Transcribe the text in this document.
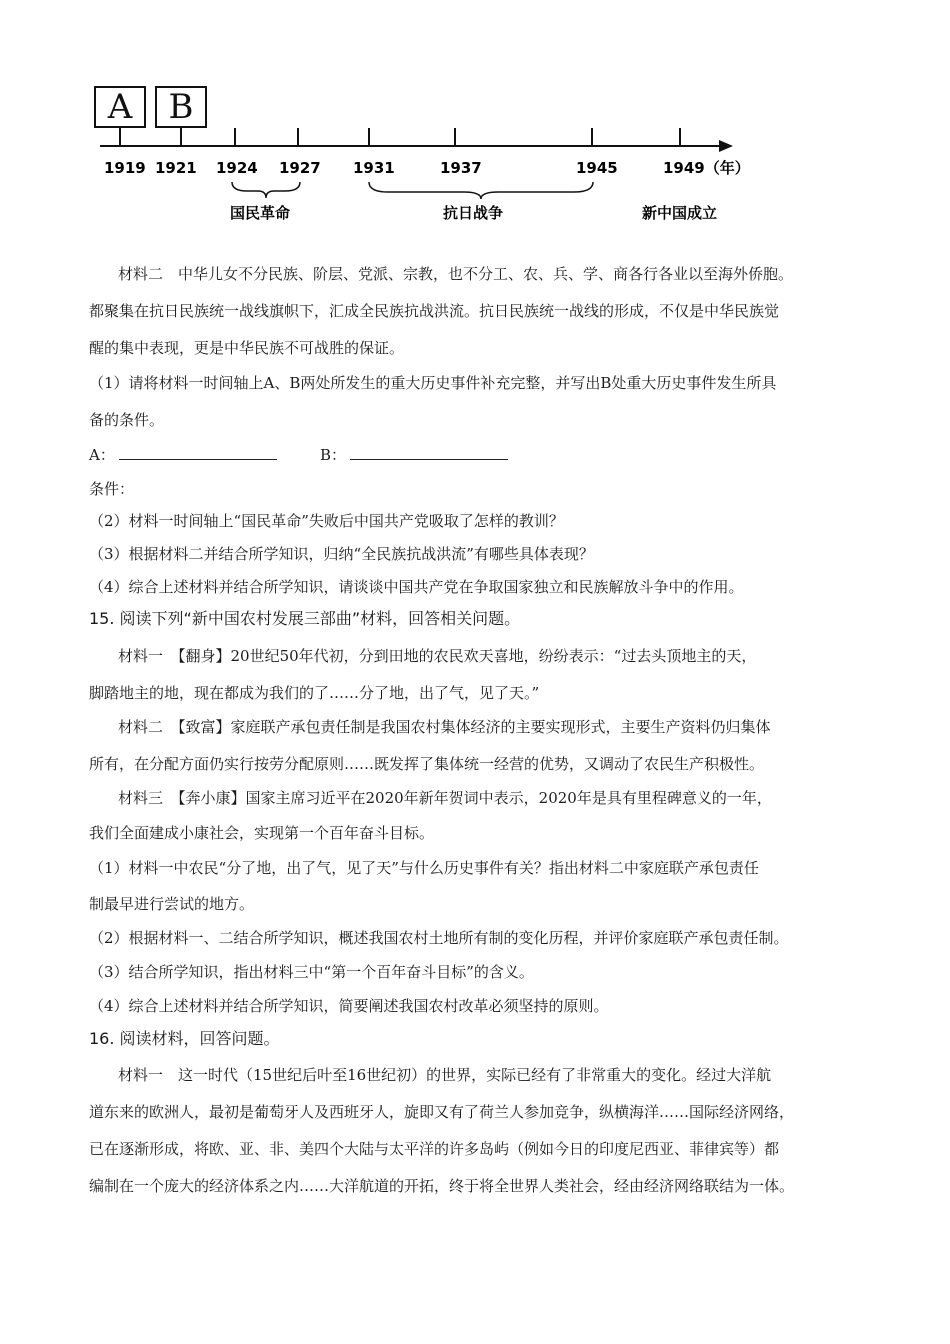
A	B
1919 1921 1924 1927 1931	1937	1945	1949（年）
国民革命	抗日战争	新中国成立
材料二　中华儿女不分民族、阶层、党派、宗教，也不分工、农、兵、学、商各行各业以至海外侨胞。
都聚集在抗日民族统一战线旗帜下，汇成全民族抗战洪流。抗日民族统一战线的形成，不仅是中华民族觉
醒的集中表现，更是中华民族不可战胜的保证。
（1）请将材料一时间轴上A、B两处所发生的重大历史事件补充完整，并写出B处重大历史事件发生所具
备的条件。
A：	B：
条件：
（2）材料一时间轴上“国民革命”失败后中国共产党吸取了怎样的教训？
（3）根据材料二并结合所学知识，归纳“全民族抗战洪流”有哪些具体表现？
（4）综合上述材料并结合所学知识，请谈谈中国共产党在争取国家独立和民族解放斗争中的作用。
15. 阅读下列“新中国农村发展三部曲”材料，回答相关问题。
材料一　【翻身】20世纪50年代初，分到田地的农民欢天喜地，纷纷表示：“过去头顶地主的天，
脚踏地主的地，现在都成为我们的了……分了地，出了气，见了天。”
材料二　【致富】家庭联产承包责任制是我国农村集体经济的主要实现形式，主要生产资料仍归集体
所有，在分配方面仍实行按劳分配原则……既发挥了集体统一经营的优势，又调动了农民生产积极性。
材料三　【奔小康】国家主席习近平在2020年新年贺词中表示，2020年是具有里程碑意义的一年，
我们全面建成小康社会，实现第一个百年奋斗目标。
（1）材料一中农民“分了地，出了气，见了天”与什么历史事件有关？指出材料二中家庭联产承包责任
制最早进行尝试的地方。
（2）根据材料一、二结合所学知识，概述我国农村土地所有制的变化历程，并评价家庭联产承包责任制。
（3）结合所学知识，指出材料三中“第一个百年奋斗目标”的含义。
（4）综合上述材料并结合所学知识，简要阐述我国农村改革必须坚持的原则。
16. 阅读材料，回答问题。
材料一　这一时代（15世纪后叶至16世纪初）的世界，实际已经有了非常重大的变化。经过大洋航
道东来的欧洲人，最初是葡萄牙人及西班牙人，旋即又有了荷兰人参加竞争，纵横海洋……国际经济网络，
已在逐渐形成，将欧、亚、非、美四个大陆与太平洋的许多岛屿（例如今日的印度尼西亚、菲律宾等）都
编制在一个庞大的经济体系之内……大洋航道的开拓，终于将全世界人类社会，经由经济网络联结为一体。
